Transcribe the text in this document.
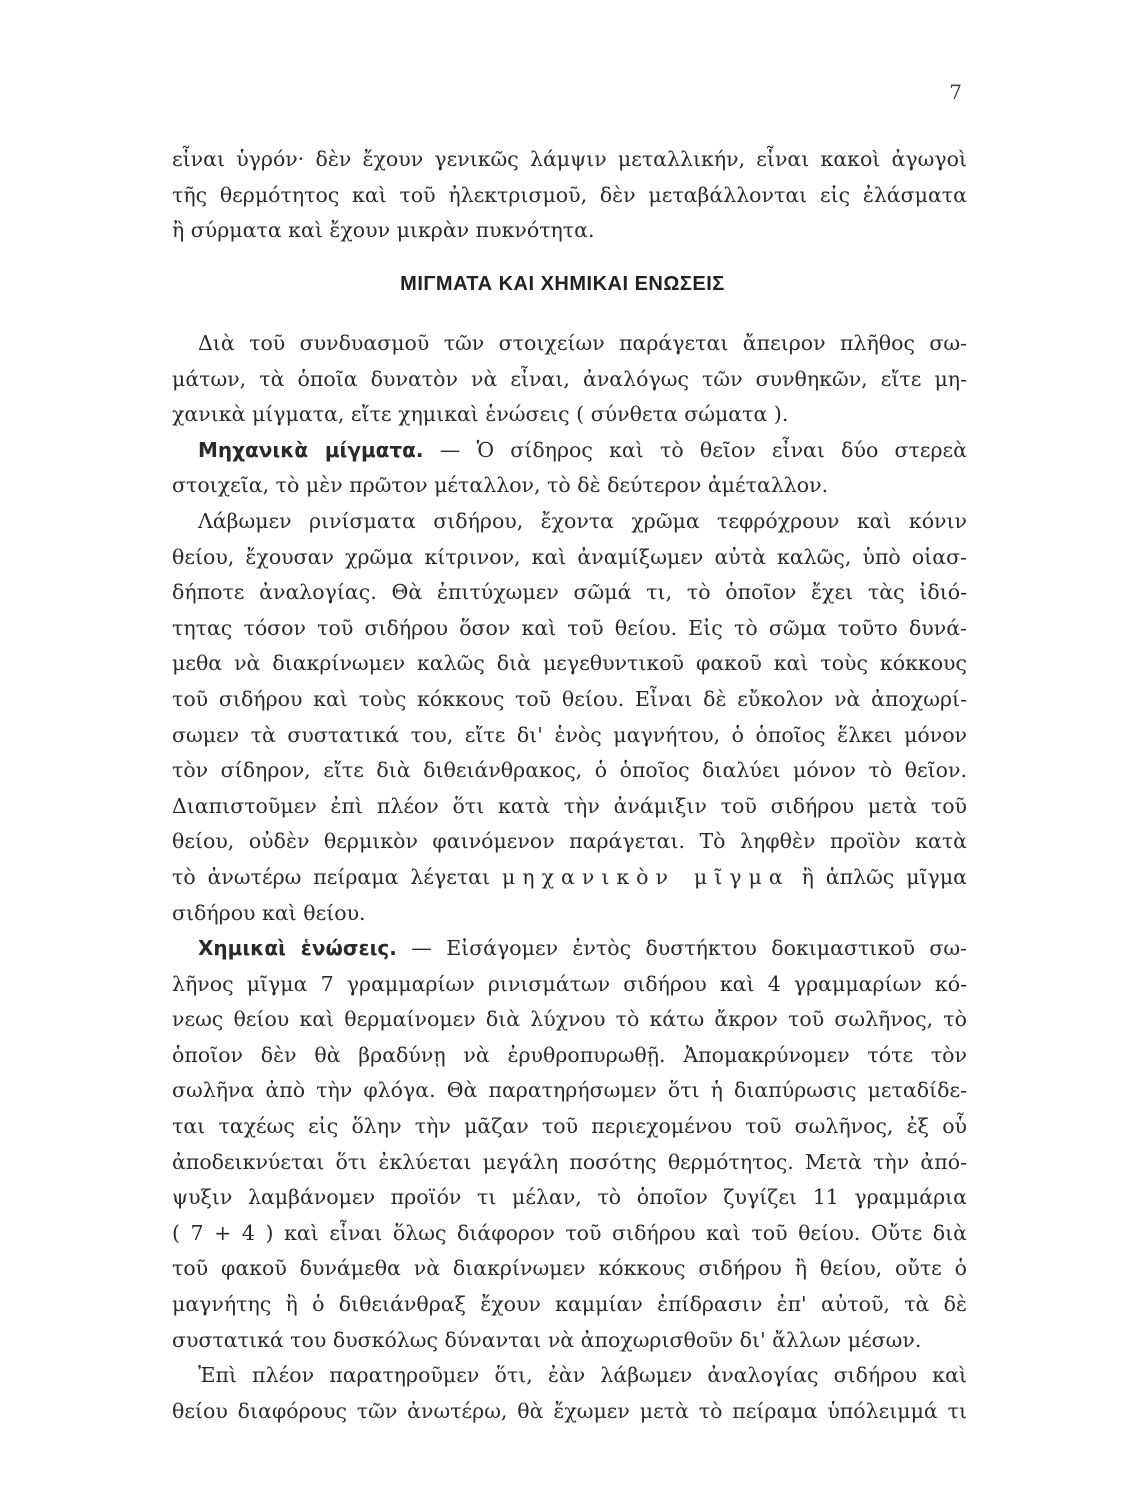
7
εἶναι ὑγρόν· δὲν ἔχουν γενικῶς λάμψιν μεταλλικήν, εἶναι κακοὶ ἀγωγοὶ
τῆς θερμότητος καὶ τοῦ ἠλεκτρισμοῦ, δὲν μεταβάλλονται εἰς ἐλάσματα
ἢ σύρματα καὶ ἔχουν μικρὰν πυκνότητα.
ΜΙΓΜΑΤΑ ΚΑΙ ΧΗΜΙΚΑΙ ΕΝΩΣΕΙΣ
Διὰ τοῦ συνδυασμοῦ τῶν στοιχείων παράγεται ἄπειρον πλῆθος σω-
μάτων, τὰ ὁποῖα δυνατὸν νὰ εἶναι, ἀναλόγως τῶν συνθηκῶν, εἴτε μη-
χανικὰ μίγματα, εἴτε χημικαὶ ἑνώσεις ( σύνθετα σώματα ).
Μηχανικὰ μίγματα. — Ὁ σίδηρος καὶ τὸ θεῖον εἶναι δύο στερεὰ
στοιχεῖα, τὸ μὲν πρῶτον μέταλλον, τὸ δὲ δεύτερον ἀμέταλλον.
Λάβωμεν ρινίσματα σιδήρου, ἔχοντα χρῶμα τεφρόχρουν καὶ κόνιν
θείου, ἔχουσαν χρῶμα κίτρινον, καὶ ἀναμίξωμεν αὐτὰ καλῶς, ὑπὸ οἱασ-
δήποτε ἀναλογίας. Θὰ ἐπιτύχωμεν σῶμά τι, τὸ ὁποῖον ἔχει τὰς ἰδιό-
τητας τόσον τοῦ σιδήρου ὅσον καὶ τοῦ θείου. Εἰς τὸ σῶμα τοῦτο δυνά-
μεθα νὰ διακρίνωμεν καλῶς διὰ μεγεθυντικοῦ φακοῦ καὶ τοὺς κόκκους
τοῦ σιδήρου καὶ τοὺς κόκκους τοῦ θείου. Εἶναι δὲ εὔκολον νὰ ἀποχωρί-
σωμεν τὰ συστατικά του, εἴτε δι' ἑνὸς μαγνήτου, ὁ ὁποῖος ἕλκει μόνον
τὸν σίδηρον, εἴτε διὰ διθειάνθρακος, ὁ ὁποῖος διαλύει μόνον τὸ θεῖον.
Διαπιστοῦμεν ἐπὶ πλέον ὅτι κατὰ τὴν ἀνάμιξιν τοῦ σιδήρου μετὰ τοῦ
θείου, οὐδὲν θερμικὸν φαινόμενον παράγεται. Τὸ ληφθὲν προϊὸν κατὰ
τὸ ἀνωτέρω πείραμα λέγεται μηχανικὸν μῖγμα ἢ ἁπλῶς μῖγμα
σιδήρου καὶ θείου.
Χημικαὶ ἑνώσεις. — Εἰσάγομεν ἐντὸς δυστήκτου δοκιμαστικοῦ σω-
λῆνος μῖγμα 7 γραμμαρίων ρινισμάτων σιδήρου καὶ 4 γραμμαρίων κό-
νεως θείου καὶ θερμαίνομεν διὰ λύχνου τὸ κάτω ἄκρον τοῦ σωλῆνος, τὸ
ὁποῖον δὲν θὰ βραδύνῃ νὰ ἐρυθροπυρωθῇ. Ἀπομακρύνομεν τότε τὸν
σωλῆνα ἀπὸ τὴν φλόγα. Θὰ παρατηρήσωμεν ὅτι ἡ διαπύρωσις μεταδίδε-
ται ταχέως εἰς ὅλην τὴν μᾶζαν τοῦ περιεχομένου τοῦ σωλῆνος, ἐξ οὗ
ἀποδεικνύεται ὅτι ἐκλύεται μεγάλη ποσότης θερμότητος. Μετὰ τὴν ἀπό-
ψυξιν λαμβάνομεν προϊόν τι μέλαν, τὸ ὁποῖον ζυγίζει 11 γραμμάρια
( 7 + 4 ) καὶ εἶναι ὅλως διάφορον τοῦ σιδήρου καὶ τοῦ θείου. Οὔτε διὰ
τοῦ φακοῦ δυνάμεθα νὰ διακρίνωμεν κόκκους σιδήρου ἢ θείου, οὔτε ὁ
μαγνήτης ἢ ὁ διθειάνθραξ ἔχουν καμμίαν ἐπίδρασιν ἐπ' αὐτοῦ, τὰ δὲ
συστατικά του δυσκόλως δύνανται νὰ ἀποχωρισθοῦν δι' ἄλλων μέσων.
Ἐπὶ πλέον παρατηροῦμεν ὅτι, ἐὰν λάβωμεν ἀναλογίας σιδήρου καὶ
θείου διαφόρους τῶν ἀνωτέρω, θὰ ἔχωμεν μετὰ τὸ πείραμα ὑπόλειμμά τι
